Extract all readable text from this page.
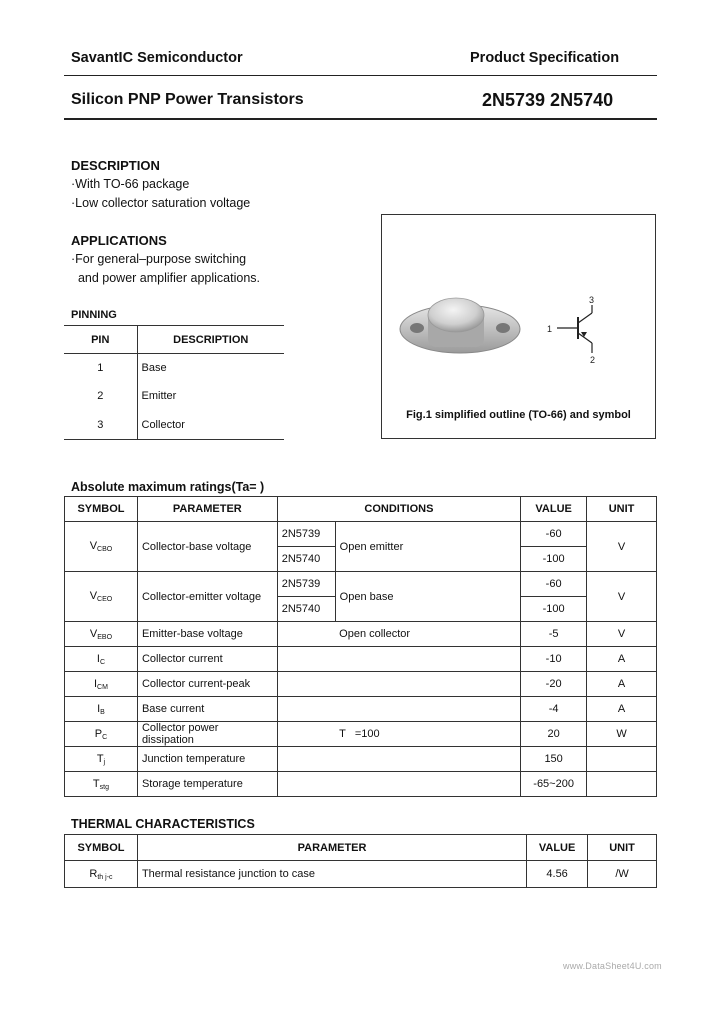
SavantIC Semiconductor	Product Specification
Silicon PNP Power Transistors	2N5739 2N5740
DESCRIPTION
·With TO-66 package
·Low collector saturation voltage
APPLICATIONS
·For general–purpose switching
and power amplifier applications.
PINNING
PIN	DESCRIPTION
1	Base
2	Emitter
3	Collector
1
2
3
Fig.1 simplified outline (TO-66) and symbol
Absolute maximum ratings(Ta= )
SYMBOL	PARAMETER	CONDITIONS		VALUE	UNIT
$V_{CBO}$	Collector-base voltage	2N5739	Open emitter	-60	V
		2N5740		-100	
$V_{CEO}$	Collector-emitter voltage	2N5739	Open base	-60	V
		2N5740		-100	
$V_{EBO}$	Emitter-base voltage		Open collector	-5	V
$I_C$	Collector current			-10	A
$I_{CM}$	Collector current-peak			-20	A
$I_B$	Base current			-4	A
$P_C$	Collector power dissipation		T   =100	20	W
$T_j$	Junction temperature			150	
$T_{stg}$	Storage temperature			-65~200	
THERMAL CHARACTERISTICS
SYMBOL	PARAMETER	VALUE	UNIT
$R_{th j-c}$	Thermal resistance junction to case	4.56	/W
www.DataSheet4U.com
